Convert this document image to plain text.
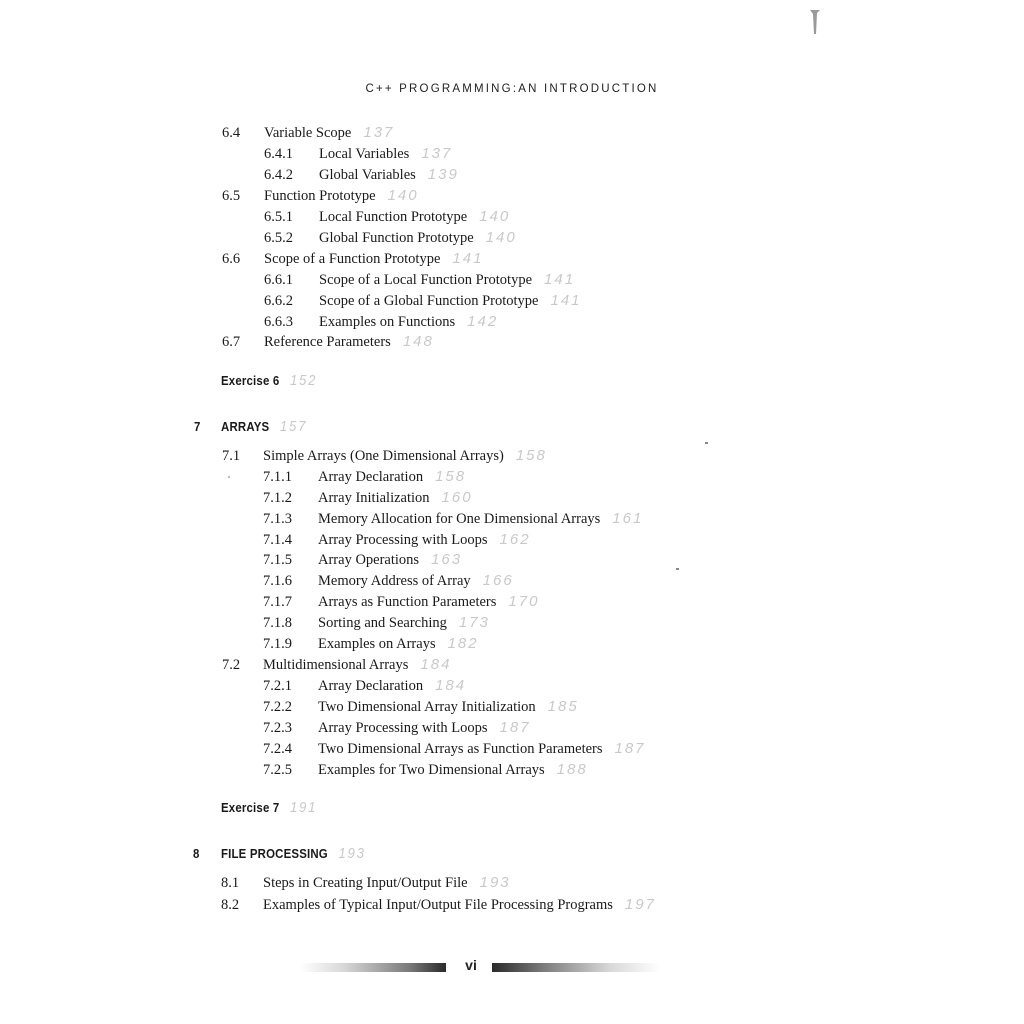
C++ PROGRAMMING:AN INTRODUCTION
6.4 Variable Scope 137
6.4.1 Local Variables 137
6.4.2 Global Variables 139
6.5 Function Prototype 140
6.5.1 Local Function Prototype 140
6.5.2 Global Function Prototype 140
6.6 Scope of a Function Prototype 141
6.6.1 Scope of a Local Function Prototype 141
6.6.2 Scope of a Global Function Prototype 141
6.6.3 Examples on Functions 142
6.7 Reference Parameters 148
Exercise 6 152
7 ARRAYS 157
7.1 Simple Arrays (One Dimensional Arrays) 158
7.1.1 Array Declaration 158
7.1.2 Array Initialization 160
7.1.3 Memory Allocation for One Dimensional Arrays 161
7.1.4 Array Processing with Loops 162
7.1.5 Array Operations 163
7.1.6 Memory Address of Array 166
7.1.7 Arrays as Function Parameters 170
7.1.8 Sorting and Searching 173
7.1.9 Examples on Arrays 182
7.2 Multidimensional Arrays 184
7.2.1 Array Declaration 184
7.2.2 Two Dimensional Array Initialization 185
7.2.3 Array Processing with Loops 187
7.2.4 Two Dimensional Arrays as Function Parameters 187
7.2.5 Examples for Two Dimensional Arrays 188
Exercise 7 191
8 FILE PROCESSING 193
8.1 Steps in Creating Input/Output File 193
8.2 Examples of Typical Input/Output File Processing Programs 197
vi
